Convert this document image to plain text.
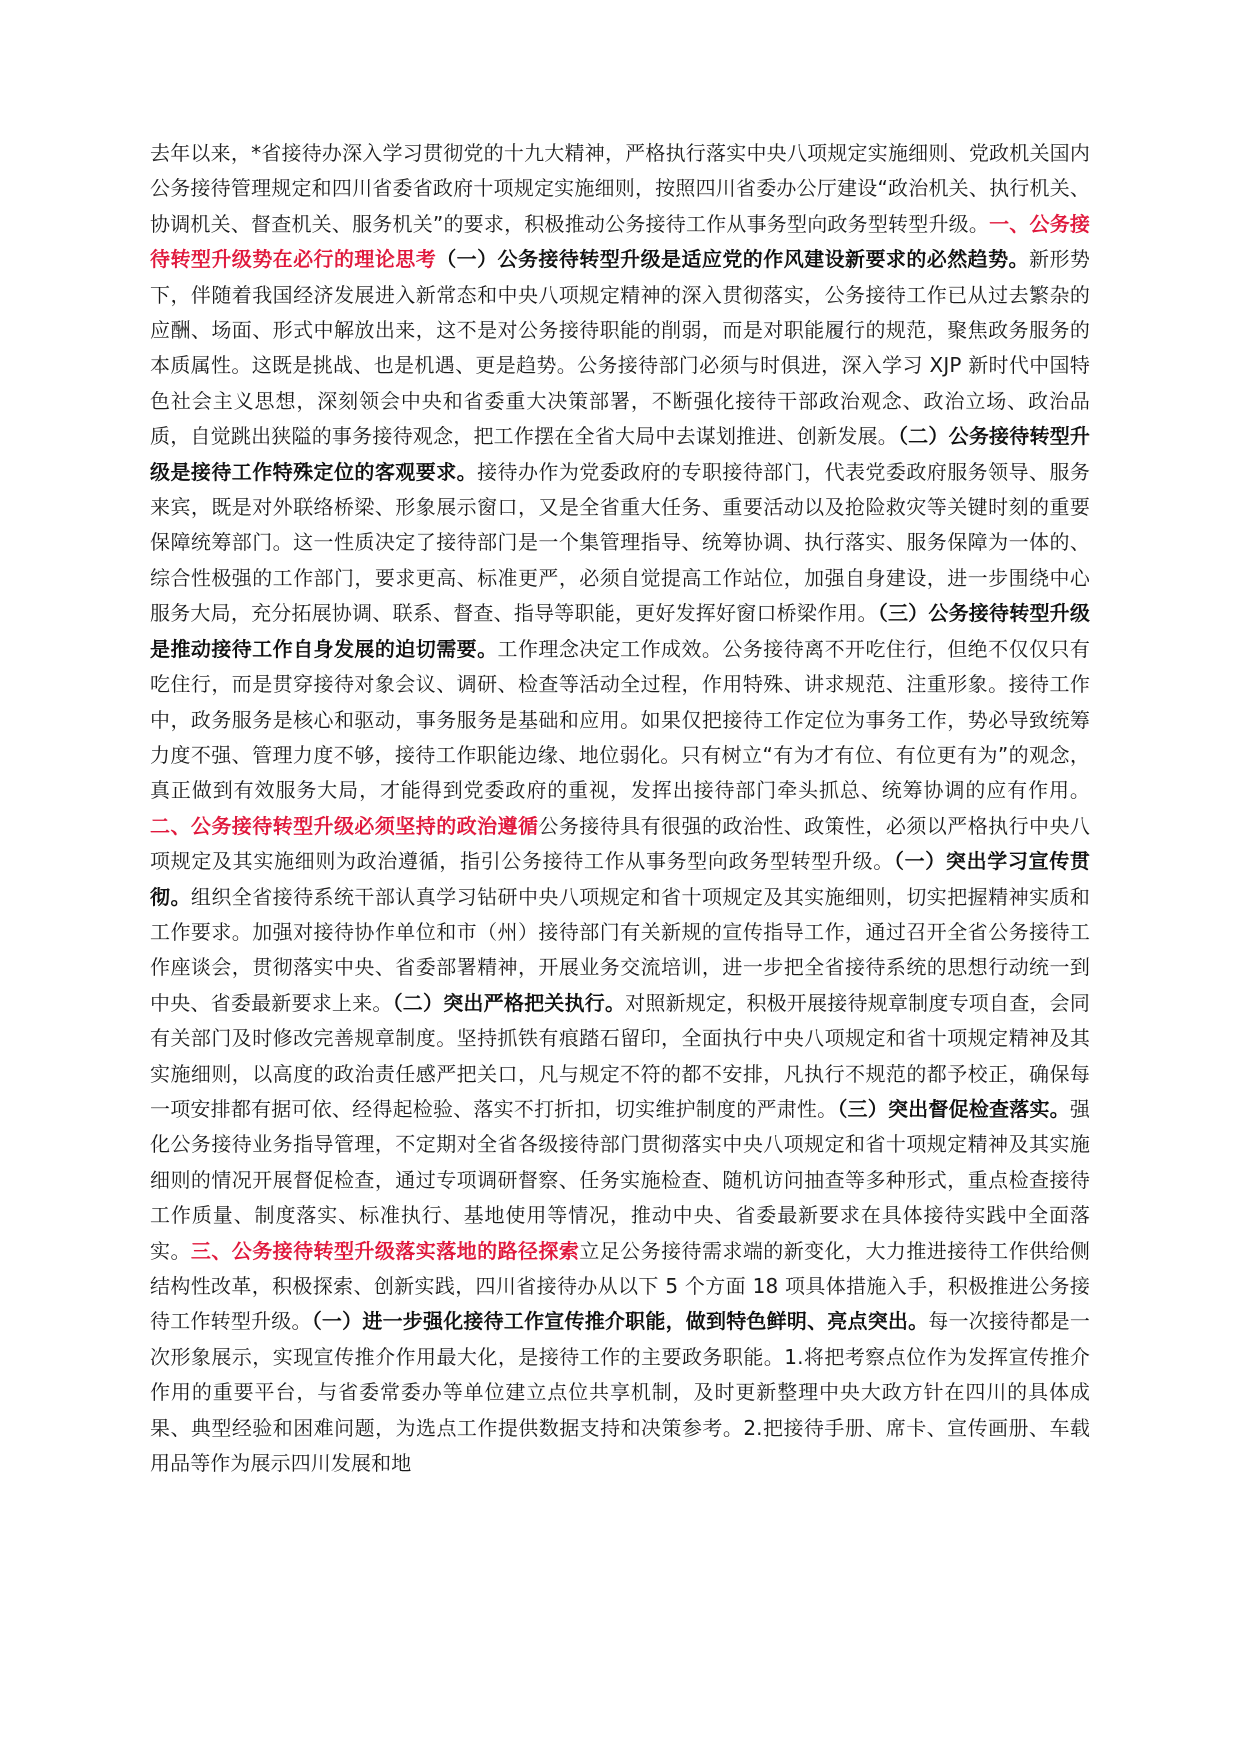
去年以来，*省接待办深入学习贯彻党的十九大精神，严格执行落实中央八项规定实施细则、党政机关国内公务接待管理规定和四川省委省政府十项规定实施细则，按照四川省委办公厅建设“政治机关、执行机关、协调机关、督查机关、服务机关”的要求，积极推动公务接待工作从事务型向政务型转型升级。一、公务接待转型升级势在必行的理论思考（一）公务接待转型升级是适应党的作风建设新要求的必然趋势。新形势下，伴随着我国经济发展进入新常态和中央八项规定精神的深入贯彻落实，公务接待工作已从过去繁杂的应酬、场面、形式中解放出来，这不是对公务接待职能的削弱，而是对职能履行的规范，聚焦政务服务的本质属性。这既是挑战、也是机遇、更是趋势。公务接待部门必须与时俱进，深入学习 XJP 新时代中国特色社会主义思想，深刻领会中央和省委重大决策部署，不断强化接待干部政治观念、政治立场、政治品质，自觉跳出狭隘的事务接待观念，把工作摆在全省大局中去谋划推进、创新发展。（二）公务接待转型升级是接待工作特殊定位的客观要求。接待办作为党委政府的专职接待部门，代表党委政府服务领导、服务来宾，既是对外联络桥梁、形象展示窗口，又是全省重大任务、重要活动以及抢险救灾等关键时刻的重要保障统筹部门。这一性质决定了接待部门是一个集管理指导、统筹协调、执行落实、服务保障为一体的、综合性极强的工作部门，要求更高、标准更严，必须自觉提高工作站位，加强自身建设，进一步围绕中心服务大局，充分拓展协调、联系、督查、指导等职能，更好发挥好窗口桥梁作用。（三）公务接待转型升级是推动接待工作自身发展的迫切需要。工作理念决定工作成效。公务接待离不开吃住行，但绝不仅仅只有吃住行，而是贯穿接待对象会议、调研、检查等活动全过程，作用特殊、讲求规范、注重形象。接待工作中，政务服务是核心和驱动，事务服务是基础和应用。如果仅把接待工作定位为事务工作，势必导致统筹力度不强、管理力度不够，接待工作职能边缘、地位弱化。只有树立“有为才有位、有位更有为”的观念，真正做到有效服务大局，才能得到党委政府的重视，发挥出接待部门牵头抓总、统筹协调的应有作用。二、公务接待转型升级必须坚持的政治遵循公务接待具有很强的政治性、政策性，必须以严格执行中央八项规定及其实施细则为政治遵循，指引公务接待工作从事务型向政务型转型升级。（一）突出学习宣传贯彻。组织全省接待系统干部认真学习钻研中央八项规定和省十项规定及其实施细则，切实把握精神实质和工作要求。加强对接待协作单位和市（州）接待部门有关新规的宣传指导工作，通过召开全省公务接待工作座谈会，贯彻落实中央、省委部署精神，开展业务交流培训，进一步把全省接待系统的思想行动统一到中央、省委最新要求上来。（二）突出严格把关执行。对照新规定，积极开展接待规章制度专项自查，会同有关部门及时修改完善规章制度。坚持抓铁有痕踏石留印，全面执行中央八项规定和省十项规定精神及其实施细则，以高度的政治责任感严把关口，凡与规定不符的都不安排，凡执行不规范的都予校正，确保每一项安排都有据可依、经得起检验、落实不打折扣，切实维护制度的严肃性。（三）突出督促检查落实。强化公务接待业务指导管理，不定期对全省各级接待部门贯彻落实中央八项规定和省十项规定精神及其实施细则的情况开展督促检查，通过专项调研督察、任务实施检查、随机访问抽查等多种形式，重点检查接待工作质量、制度落实、标准执行、基地使用等情况，推动中央、省委最新要求在具体接待实践中全面落实。三、公务接待转型升级落实落地的路径探索立足公务接待需求端的新变化，大力推进接待工作供给侧结构性改革，积极探索、创新实践，四川省接待办从以下 5 个方面 18 项具体措施入手，积极推进公务接待工作转型升级。（一）进一步强化接待工作宣传推介职能，做到特色鲜明、亮点突出。每一次接待都是一次形象展示，实现宣传推介作用最大化，是接待工作的主要政务职能。1.将把考察点位作为发挥宣传推介作用的重要平台，与省委常委办等单位建立点位共享机制，及时更新整理中央大政方针在四川的具体成果、典型经验和困难问题，为选点工作提供数据支持和决策参考。2.把接待手册、席卡、宣传画册、车载用品等作为展示四川发展和地
